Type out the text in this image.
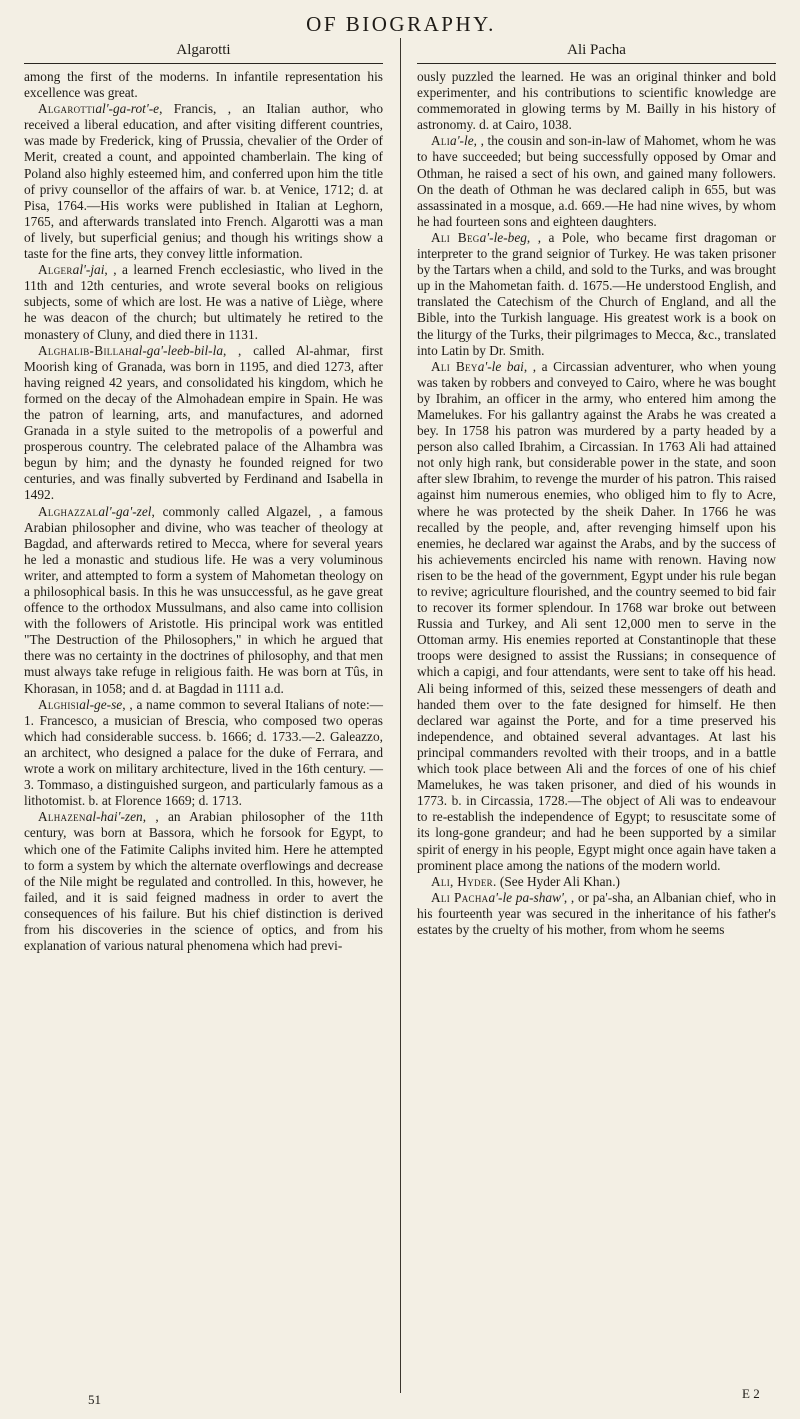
OF BIOGRAPHY.
Algarotti

among the first of the moderns. In infantile representation his excellence was great.

Algarottial'-ga-rot'-e, Francis, , an Italian author, who received a liberal education, and after visiting different countries, was made by Frederick, king of Prussia, chevalier of the Order of Merit, created a count, and appointed chamberlain. The king of Poland also highly esteemed him, and conferred upon him the title of privy counsellor of the affairs of war. b. at Venice, 1712; d. at Pisa, 1764.—His works were published in Italian at Leghorn, 1765, and afterwards translated into French. Algarotti was a man of lively, but superficial genius; and though his writings show a taste for the fine arts, they convey little information.

Algeral'-jai, , a learned French ecclesiastic, who lived in the 11th and 12th centuries, and wrote several books on religious subjects, some of which are lost. He was a native of Liège, where he was deacon of the church; but ultimately he retired to the monastery of Cluny, and died there in 1131.

Alghalib-Billahal-ga'-leeb-bil-la, , called Al-ahmar, first Moorish king of Granada, was born in 1195, and died 1273, after having reigned 42 years, and consolidated his kingdom, which he formed on the decay of the Almohadean empire in Spain. He was the patron of learning, arts, and manufactures, and adorned Granada in a style suited to the metropolis of a powerful and prosperous country. The celebrated palace of the Alhambra was begun by him; and the dynasty he founded reigned for two centuries, and was finally subverted by Ferdinand and Isabella in 1492.

Alghazzalal'-ga'-zel, commonly called Algazel, , a famous Arabian philosopher and divine, who was teacher of theology at Bagdad, and afterwards retired to Mecca, where for several years he led a monastic and studious life. He was a very voluminous writer, and attempted to form a system of Mahometan theology on a philosophical basis. In this he was unsuccessful, as he gave great offence to the orthodox Mussulmans, and also came into collision with the followers of Aristotle. His principal work was entitled "The Destruction of the Philosophers," in which he argued that there was no certainty in the doctrines of philosophy, and that men must always take refuge in religious faith. He was born at Tûs, in Khorasan, in 1058; and d. at Bagdad in 1111 a.d.

Alghisial-ge-se, , a name common to several Italians of note:—1. Francesco, a musician of Brescia, who composed two operas which had considerable success. b. 1666; d. 1733.—2. Galeazzo, an architect, who designed a palace for the duke of Ferrara, and wrote a work on military architecture, lived in the 16th century. —3. Tommaso, a distinguished surgeon, and particularly famous as a lithotomist. b. at Florence 1669; d. 1713.

Alhazenal-hai'-zen, , an Arabian philosopher of the 11th century, was born at Bassora, which he forsook for Egypt, to which one of the Fatimite Caliphs invited him. Here he attempted to form a system by which the alternate overflowings and decrease of the Nile might be regulated and controlled. In this, however, he failed, and it is said feigned madness in order to avert the consequences of his failure. But his chief distinction is derived from his discoveries in the science of optics, and from his explanation of various natural phenomena which had previ-

Ali Pacha

ously puzzled the learned. He was an original thinker and bold experimenter, and his contributions to scientific knowledge are commemorated in glowing terms by M. Bailly in his history of astronomy. d. at Cairo, 1038.

Alia'-le, , the cousin and son-in-law of Mahomet, whom he was to have succeeded; but being successfully opposed by Omar and Othman, he raised a sect of his own, and gained many followers. On the death of Othman he was declared caliph in 655, but was assassinated in a mosque, a.d. 669.—He had nine wives, by whom he had fourteen sons and eighteen daughters.

Ali Bega'-le-beg, , a Pole, who became first dragoman or interpreter to the grand seignior of Turkey. He was taken prisoner by the Tartars when a child, and sold to the Turks, and was brought up in the Mahometan faith. d. 1675.—He understood English, and translated the Catechism of the Church of England, and all the Bible, into the Turkish language. His greatest work is a book on the liturgy of the Turks, their pilgrimages to Mecca, &c., translated into Latin by Dr. Smith.

Ali Beya'-le bai, , a Circassian adventurer, who when young was taken by robbers and conveyed to Cairo, where he was bought by Ibrahim, an officer in the army, who entered him among the Mamelukes. For his gallantry against the Arabs he was created a bey. In 1758 his patron was murdered by a party headed by a person also called Ibrahim, a Circassian. In 1763 Ali had attained not only high rank, but considerable power in the state, and soon after slew Ibrahim, to revenge the murder of his patron. This raised against him numerous enemies, who obliged him to fly to Acre, where he was protected by the sheik Daher. In 1766 he was recalled by the people, and, after revenging himself upon his enemies, he declared war against the Arabs, and by the success of his achievements encircled his name with renown. Having now risen to be the head of the government, Egypt under his rule began to revive; agriculture flourished, and the country seemed to bid fair to recover its former splendour. In 1768 war broke out between Russia and Turkey, and Ali sent 12,000 men to serve in the Ottoman army. His enemies reported at Constantinople that these troops were designed to assist the Russians; in consequence of which a capigi, and four attendants, were sent to take off his head. Ali being informed of this, seized these messengers of death and handed them over to the fate designed for himself. He then declared war against the Porte, and for a time preserved his independence, and obtained several advantages. At last his principal commanders revolted with their troops, and in a battle which took place between Ali and the forces of one of his chief Mamelukes, he was taken prisoner, and died of his wounds in 1773. b. in Circassia, 1728.—The object of Ali was to endeavour to re-establish the independence of Egypt; to resuscitate some of its long-gone grandeur; and had he been supported by a similar spirit of energy in his people, Egypt might once again have taken a prominent place among the nations of the modern world.

Ali, Hyder. (See Hyder Ali Khan.)

Ali Pachaa'-le pa-shaw', , or pa'-sha, an Albanian chief, who in his fourteenth year was secured in the inheritance of his father's estates by the cruelty of his mother, from whom he seems

51	E 2
